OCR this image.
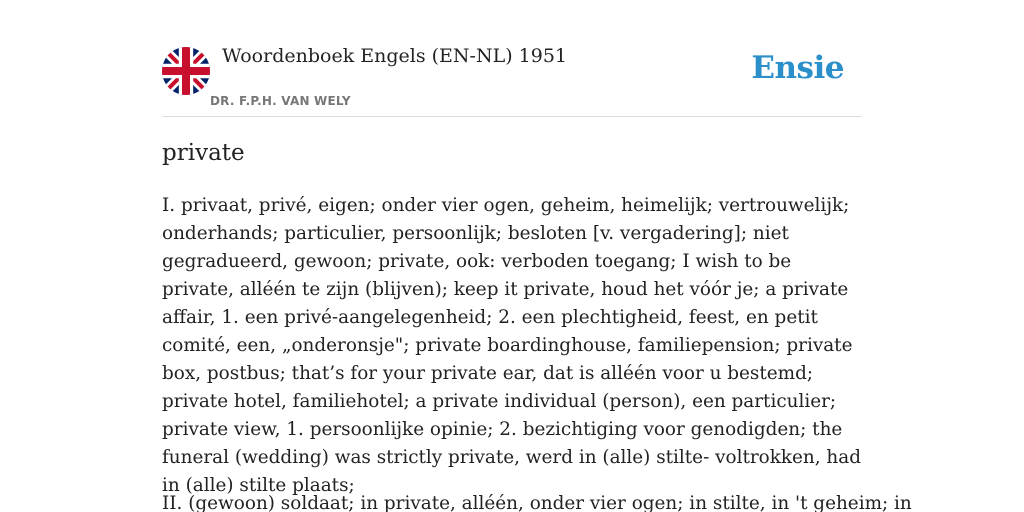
Woordenboek Engels (EN-NL) 1951
DR. F.P.H. VAN WELY
Ensie
private

I. privaat, privé, eigen; onder vier ogen, geheim, heimelijk; vertrouwelijk; onderhands; particulier, persoonlijk; besloten [v. vergadering]; niet gegradueerd, gewoon; private, ook: verboden toegang; I wish to be private, alléén te zijn (blijven); keep it private, houd het vóór je; a private affair, 1. een privé-aangelegenheid; 2. een plechtigheid, feest, en petit comité, een, „onderonsje"; private boardinghouse, familiepension; private box, postbus; that’s for your private ear, dat is alléén voor u bestemd; private hotel, familiehotel; a private individual (person), een particulier; private view, 1. persoonlijke opinie; 2. bezichtiging voor genodigden; the funeral (wedding) was strictly private, werd in (alle) stilte- voltrokken, had in (alle) stilte plaats;

II. (gewoon) soldaat; in private, alléén, onder vier ogen; in stilte, in 't geheim; in
